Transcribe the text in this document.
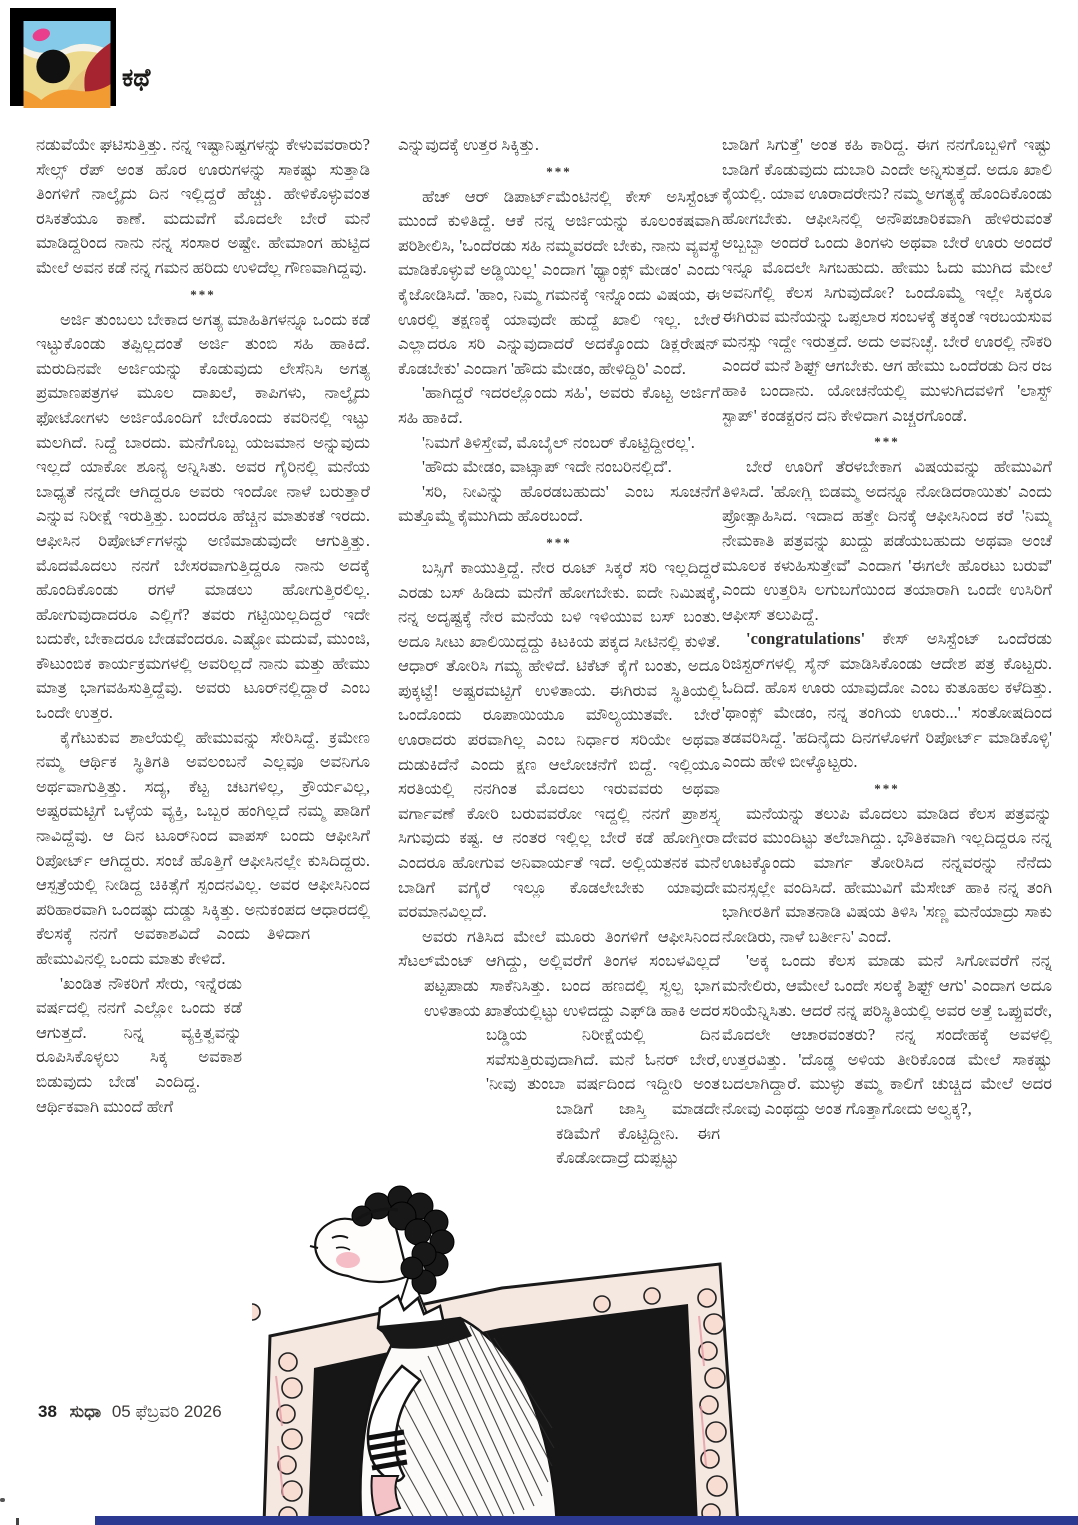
ಕಥೆ

ನಡುವೆಯೇ ಘಟಿಸುತ್ತಿತ್ತು. ನನ್ನ ಇಷ್ಟಾನಿಷ್ಟಗಳನ್ನು ಕೇಳುವವರಾರು? ಸೇಲ್ಸ್ ರೆಪ್ ಅಂತ ಹೊರ ಊರುಗಳನ್ನು ಸಾಕಷ್ಟು ಸುತ್ತಾಡಿ ತಿಂಗಳಿಗೆ ನಾಲ್ಕೈದು ದಿನ ಇಲ್ಲಿದ್ದರೆ ಹೆಚ್ಚು. ಹೇಳಿಕೊಳ್ಳುವಂತ ರಸಿಕತೆಯೂ ಕಾಣೆ. ಮದುವೆಗೆ ಮೊದಲೇ ಬೇರೆ ಮನೆ ಮಾಡಿದ್ದರಿಂದ ನಾನು ನನ್ನ ಸಂಸಾರ ಅಷ್ಟೇ. ಹೇಮಾಂಗ ಹುಟ್ಟಿದ ಮೇಲೆ ಅವನ ಕಡೆ ನನ್ನ ಗಮನ ಹರಿದು ಉಳಿದೆಲ್ಲ ಗೌಣವಾಗಿದ್ದವು.

***

ಅರ್ಜಿ ತುಂಬಲು ಬೇಕಾದ ಅಗತ್ಯ ಮಾಹಿತಿಗಳನ್ನೂ ಒಂದು ಕಡೆ ಇಟ್ಟುಕೊಂಡು ತಪ್ಪಿಲ್ಲದಂತೆ ಅರ್ಜಿ ತುಂಬಿ ಸಹಿ ಹಾಕಿದೆ. ಮರುದಿನವೇ ಅರ್ಜಿಯನ್ನು ಕೊಡುವುದು ಲೇಸೆನಿಸಿ ಅಗತ್ಯ ಪ್ರಮಾಣಪತ್ರಗಳ ಮೂಲ ದಾಖಲೆ, ಕಾಪಿಗಳು, ನಾಲ್ಕೈದು ಫೋಟೋಗಳು ಅರ್ಜಿಯೊಂದಿಗೆ ಬೇರೊಂದು ಕವರಿನಲ್ಲಿ ಇಟ್ಟು ಮಲಗಿದೆ. ನಿದ್ದೆ ಬಾರದು. ಮನೆಗೊಬ್ಬ ಯಜಮಾನ ಅನ್ನುವುದು ಇಲ್ಲದೆ ಯಾಕೋ ಶೂನ್ಯ ಅನ್ನಿಸಿತು. ಅವರ ಗೈರಿನಲ್ಲಿ ಮನೆಯ ಬಾಧ್ಯತೆ ನನ್ನದೇ ಆಗಿದ್ದರೂ ಅವರು ಇಂದೋ ನಾಳೆ ಬರುತ್ತಾರೆ ಎನ್ನುವ ನಿರೀಕ್ಷೆ ಇರುತ್ತಿತ್ತು. ಬಂದರೂ ಹೆಚ್ಚಿನ ಮಾತುಕತೆ ಇರದು. ಆಫೀಸಿನ ರಿಪೋರ್ಟ್‌ಗಳನ್ನು ಅಣಿಮಾಡುವುದೇ ಆಗುತ್ತಿತ್ತು. ಮೊದಮೊದಲು ನನಗೆ ಬೇಸರವಾಗುತ್ತಿದ್ದರೂ ನಾನು ಅದಕ್ಕೆ ಹೊಂದಿಕೊಂಡು ರಗಳೆ ಮಾಡಲು ಹೋಗುತ್ತಿರಲಿಲ್ಲ. ಹೋಗುವುದಾದರೂ ಎಲ್ಲಿಗೆ? ತವರು ಗಟ್ಟಿಯಿಲ್ಲದಿದ್ದರೆ ಇದೇ ಬದುಕೇ, ಬೇಕಾದರೂ ಬೇಡವೆಂದರೂ. ಎಷ್ಟೋ ಮದುವೆ, ಮುಂಜಿ, ಕೌಟುಂಬಿಕ ಕಾರ್ಯಕ್ರಮಗಳಲ್ಲಿ ಅವರಿಲ್ಲದೆ ನಾನು ಮತ್ತು ಹೇಮು ಮಾತ್ರ ಭಾಗವಹಿಸುತ್ತಿದ್ದೆವು. ಅವರು ಟೂರ್‌ನಲ್ಲಿದ್ದಾರೆ ಎಂಬ ಒಂದೇ ಉತ್ತರ.

ಕೈಗೆಟುಕುವ ಶಾಲೆಯಲ್ಲಿ ಹೇಮುವನ್ನು ಸೇರಿಸಿದ್ದೆ. ಕ್ರಮೇಣ ನಮ್ಮ ಆರ್ಥಿಕ ಸ್ಥಿತಿಗತಿ ಅವಲಂಬನೆ ಎಲ್ಲವೂ ಅವನಿಗೂ ಅರ್ಥವಾಗುತ್ತಿತ್ತು. ಸದ್ಯ, ಕೆಟ್ಟ ಚಟಗಳಿಲ್ಲ, ಕ್ರೌರ್ಯವಿಲ್ಲ, ಅಷ್ಟರಮಟ್ಟಿಗೆ ಒಳ್ಳೆಯ ವ್ಯಕ್ತಿ, ಒಬ್ಬರ ಹಂಗಿಲ್ಲದೆ ನಮ್ಮ ಪಾಡಿಗೆ ನಾವಿದ್ದೆವು. ಆ ದಿನ ಟೂರ್‌ನಿಂದ ವಾಪಸ್ ಬಂದು ಆಫೀಸಿಗೆ ರಿಪೋರ್ಟ್ ಆಗಿದ್ದರು. ಸಂಜೆ ಹೊತ್ತಿಗೆ ಆಫೀಸಿನಲ್ಲೇ ಕುಸಿದಿದ್ದರು. ಆಸ್ಪತ್ರೆಯಲ್ಲಿ ನೀಡಿದ್ದ ಚಿಕಿತ್ಸೆಗೆ ಸ್ಪಂದನವಿಲ್ಲ. ಅವರ ಆಫೀಸಿನಿಂದ ಪರಿಹಾರವಾಗಿ ಒಂದಷ್ಟು ದುಡ್ಡು ಸಿಕ್ಕಿತ್ತು. ಅನುಕಂಪದ ಆಧಾರದಲ್ಲಿ ಕೆಲಸಕ್ಕೆ ನನಗೆ ಅವಕಾಶವಿದೆ ಎಂದು ತಿಳಿದಾಗ ಹೇಮುವಿನಲ್ಲಿ ಒಂದು ಮಾತು ಕೇಳಿದೆ.

'ಖಂಡಿತ ನೌಕರಿಗೆ ಸೇರು, ಇನ್ನೆರಡು ವರ್ಷದಲ್ಲಿ ನನಗೆ ಎಲ್ಲೋ ಒಂದು ಕಡೆ ಆಗುತ್ತದೆ. ನಿನ್ನ ವ್ಯಕ್ತಿತ್ವವನ್ನು ರೂಪಿಸಿಕೊಳ್ಳಲು ಸಿಕ್ಕ ಅವಕಾಶ ಬಿಡುವುದು ಬೇಡ' ಎಂದಿದ್ದ. ಆರ್ಥಿಕವಾಗಿ ಮುಂದೆ ಹೇಗೆ

ಎನ್ನುವುದಕ್ಕೆ ಉತ್ತರ ಸಿಕ್ಕಿತ್ತು.

***

ಹೆಚ್ ಆರ್ ಡಿಪಾರ್ಟ್‌ಮೆಂಟಿನಲ್ಲಿ ಕೇಸ್ ಅಸಿಸ್ಟೆಂಟ್ ಮುಂದೆ ಕುಳಿತಿದ್ದೆ. ಆಕೆ ನನ್ನ ಅರ್ಜಿಯನ್ನು ಕೂಲಂಕಷವಾಗಿ ಪರಿಶೀಲಿಸಿ, 'ಒಂದೆರಡು ಸಹಿ ನಮ್ಮವರದೇ ಬೇಕು, ನಾನು ವ್ಯವಸ್ಥೆ ಮಾಡಿಕೊಳ್ಳುವೆ ಅಡ್ಡಿಯಿಲ್ಲ' ಎಂದಾಗ 'ಥ್ಯಾಂಕ್ಸ್ ಮೇಡಂ' ಎಂದು ಕೈಜೋಡಿಸಿದೆ. 'ಹಾಂ, ನಿಮ್ಮ ಗಮನಕ್ಕೆ ಇನ್ನೊಂದು ವಿಷಯ, ಈ ಊರಲ್ಲಿ ತಕ್ಷಣಕ್ಕೆ ಯಾವುದೇ ಹುದ್ದೆ ಖಾಲಿ ಇಲ್ಲ. ಬೇರೆ ಎಲ್ಲಾದರೂ ಸರಿ ಎನ್ನುವುದಾದರೆ ಅದಕ್ಕೊಂದು ಡಿಕ್ಲರೇಷನ್ ಕೊಡಬೇಕು' ಎಂದಾಗ 'ಹೌದು ಮೇಡಂ, ಹೇಳಿದ್ದಿರಿ' ಎಂದೆ.

'ಹಾಗಿದ್ದರೆ ಇದರಲ್ಲೊಂದು ಸಹಿ', ಅವರು ಕೊಟ್ಟ ಅರ್ಜಿಗೆ ಸಹಿ ಹಾಕಿದೆ.

'ನಿಮಗೆ ತಿಳಿಸ್ತೇವೆ, ಮೊಬೈಲ್ ನಂಬರ್ ಕೊಟ್ಟಿದ್ದೀರಲ್ಲ'.

'ಹೌದು ಮೇಡಂ, ವಾಟ್ಸಾಪ್ ಇದೇ ನಂಬರಿನಲ್ಲಿದೆ'.

'ಸರಿ, ನೀವಿನ್ನು ಹೊರಡಬಹುದು' ಎಂಬ ಸೂಚನೆಗೆ ಮತ್ತೊಮ್ಮೆ ಕೈಮುಗಿದು ಹೊರಬಂದೆ.

***

ಬಸ್ಸಿಗೆ ಕಾಯುತ್ತಿದ್ದೆ. ನೇರ ರೂಟ್ ಸಿಕ್ಕರೆ ಸರಿ ಇಲ್ಲದಿದ್ದರೆ ಎರಡು ಬಸ್ ಹಿಡಿದು ಮನೆಗೆ ಹೋಗಬೇಕು. ಐದೇ ನಿಮಿಷಕ್ಕೆ, ನನ್ನ ಅದೃಷ್ಟಕ್ಕೆ ನೇರ ಮನೆಯ ಬಳಿ ಇಳಿಯುವ ಬಸ್ ಬಂತು. ಅದೂ ಸೀಟು ಖಾಲಿಯಿದ್ದದ್ದು ಕಿಟಕಿಯ ಪಕ್ಕದ ಸೀಟಿನಲ್ಲಿ ಕುಳಿತೆ. ಆಧಾರ್ ತೋರಿಸಿ ಗಮ್ಯ ಹೇಳಿದೆ. ಟಿಕೆಟ್ ಕೈಗೆ ಬಂತು, ಅದೂ ಪುಕ್ಕಟ್ಟೆ! ಅಷ್ಟರಮಟ್ಟಿಗೆ ಉಳಿತಾಯ. ಈಗಿರುವ ಸ್ಥಿತಿಯಲ್ಲಿ ಒಂದೊಂದು ರೂಪಾಯಿಯೂ ಮೌಲ್ಯಯುತವೇ. ಬೇರೆ ಊರಾದರು ಪರವಾಗಿಲ್ಲ ಎಂಬ ನಿರ್ಧಾರ ಸರಿಯೇ ಅಥವಾ ದುಡುಕಿದೆನೆ ಎಂದು ಕ್ಷಣ ಆಲೋಚನೆಗೆ ಬಿದ್ದೆ. ಇಲ್ಲಿಯೂ ಸರತಿಯಲ್ಲಿ ನನಗಿಂತ ಮೊದಲು ಇರುವವರು ಅಥವಾ ವರ್ಗಾವಣೆ ಕೋರಿ ಬರುವವರೋ ಇದ್ದಲ್ಲಿ ನನಗೆ ಪ್ರಾಶಸ್ತ್ಯ ಸಿಗುವುದು ಕಷ್ಟ. ಆ ನಂತರ ಇಲ್ಲಿಲ್ಲ ಬೇರೆ ಕಡೆ ಹೋಗ್ತೀರಾ ಎಂದರೂ ಹೋಗುವ ಅನಿವಾರ್ಯತೆ ಇದೆ. ಅಲ್ಲಿಯತನಕ ಮನೆ ಬಾಡಿಗೆ ವಗೈರೆ ಇಲ್ಲೂ ಕೊಡಲೇಬೇಕು ಯಾವುದೇ ವರಮಾನವಿಲ್ಲದೆ.

ಅವರು ಗತಿಸಿದ ಮೇಲೆ ಮೂರು ತಿಂಗಳಿಗೆ ಆಫೀಸಿನಿಂದ ಸೆಟಲ್‌ಮೆಂಟ್ ಆಗಿದ್ದು, ಅಲ್ಲಿವರೆಗೆ ತಿಂಗಳ ಸಂಬಳವಿಲ್ಲದೆ ಪಟ್ಟಪಾಡು ಸಾಕೆನಿಸಿತ್ತು. ಬಂದ ಹಣದಲ್ಲಿ ಸ್ವಲ್ಪ ಭಾಗ ಉಳಿತಾಯ ಖಾತೆಯಲ್ಲಿಟ್ಟು ಉಳಿದದ್ದು ಎಫ್‌ಡಿ ಹಾಕಿ ಅದರ ಬಡ್ಡಿಯ ನಿರೀಕ್ಷೆಯಲ್ಲಿ ದಿನ ಸವೆಸುತ್ತಿರುವುದಾಗಿದೆ. ಮನೆ ಓನರ್ ಬೇರೆ, 'ನೀವು ತುಂಬಾ ವರ್ಷದಿಂದ ಇದ್ದೀರಿ ಅಂತ ಬಾಡಿಗೆ ಜಾಸ್ತಿ ಮಾಡದೇ ಕಡಿಮೆಗೆ ಕೊಟ್ಟಿದ್ದೀನಿ. ಈಗ ಕೊಡೋದಾದ್ರೆ ದುಪ್ಪಟ್ಟು

ಬಾಡಿಗೆ ಸಿಗುತ್ತೆ' ಅಂತ ಕಹಿ ಕಾರಿದ್ದ. ಈಗ ನನಗೊಬ್ಬಳಿಗೆ ಇಷ್ಟು ಬಾಡಿಗೆ ಕೊಡುವುದು ದುಬಾರಿ ಎಂದೇ ಅನ್ನಿಸುತ್ತದೆ. ಅದೂ ಖಾಲಿ ಕೈಯಲ್ಲಿ. ಯಾವ ಊರಾದರೇನು? ನಮ್ಮ ಅಗತ್ಯಕ್ಕೆ ಹೊಂದಿಕೊಂಡು ಹೋಗಬೇಕು. ಆಫೀಸಿನಲ್ಲಿ ಅನೌಪಚಾರಿಕವಾಗಿ ಹೇಳಿರುವಂತೆ ಅಬ್ಬಬ್ಬಾ ಅಂದರೆ ಒಂದು ತಿಂಗಳು ಅಥವಾ ಬೇರೆ ಊರು ಅಂದರೆ ಇನ್ನೂ ಮೊದಲೇ ಸಿಗಬಹುದು. ಹೇಮು ಓದು ಮುಗಿದ ಮೇಲೆ ಅವನಿಗೆಲ್ಲಿ ಕೆಲಸ ಸಿಗುವುದೋ? ಒಂದೊಮ್ಮೆ ಇಲ್ಲೇ ಸಿಕ್ಕರೂ ಈಗಿರುವ ಮನೆಯನ್ನು ಒಪ್ಪಲಾರ ಸಂಬಳಕ್ಕೆ ತಕ್ಕಂತೆ ಇರಬಯಸುವ ಮನಸ್ಸು ಇದ್ದೇ ಇರುತ್ತದೆ. ಅದು ಅವನಿಚ್ಛೆ. ಬೇರೆ ಊರಲ್ಲಿ ನೌಕರಿ ಎಂದರೆ ಮನೆ ಶಿಫ್ಟ್ ಆಗಬೇಕು. ಆಗ ಹೇಮು ಒಂದೆರಡು ದಿನ ರಜ ಹಾಕಿ ಬಂದಾನು. ಯೋಚನೆಯಲ್ಲಿ ಮುಳುಗಿದವಳಿಗೆ 'ಲಾಸ್ಟ್ ಸ್ಟಾಪ್' ಕಂಡಕ್ಟರನ ದನಿ ಕೇಳಿದಾಗ ಎಚ್ಚರಗೊಂಡೆ.

***

ಬೇರೆ ಊರಿಗೆ ತೆರಳಬೇಕಾಗ ವಿಷಯವನ್ನು ಹೇಮುವಿಗೆ ತಿಳಿಸಿದೆ. 'ಹೋಗ್ಲಿ ಬಿಡಮ್ಮ ಅದನ್ನೂ ನೋಡಿದರಾಯಿತು' ಎಂದು ಪ್ರೋತ್ಸಾಹಿಸಿದ. ಇದಾದ ಹತ್ತೇ ದಿನಕ್ಕೆ ಆಫೀಸಿನಿಂದ ಕರೆ 'ನಿಮ್ಮ ನೇಮಕಾತಿ ಪತ್ರವನ್ನು ಖುದ್ದು ಪಡೆಯಬಹುದು ಅಥವಾ ಅಂಚೆ ಮೂಲಕ ಕಳುಹಿಸುತ್ತೇವೆ' ಎಂದಾಗ 'ಈಗಲೇ ಹೊರಟು ಬರುವೆ' ಎಂದು ಉತ್ತರಿಸಿ ಲಗುಬಗೆಯಿಂದ ತಯಾರಾಗಿ ಒಂದೇ ಉಸಿರಿಗೆ ಆಫೀಸ್ ತಲುಪಿದ್ದೆ.

'congratulations' ಕೇಸ್ ಅಸಿಸ್ಟೆಂಟ್ ಒಂದೆರಡು ರಿಜಿಸ್ಟರ್‌ಗಳಲ್ಲಿ ಸೈನ್ ಮಾಡಿಸಿಕೊಂಡು ಆದೇಶ ಪತ್ರ ಕೊಟ್ಟರು. ಓದಿದೆ. ಹೊಸ ಊರು ಯಾವುದೋ ಎಂಬ ಕುತೂಹಲ ಕಳೆದಿತ್ತು. 'ಥಾಂಕ್ಸ್ ಮೇಡಂ, ನನ್ನ ತಂಗಿಯ ಊರು...' ಸಂತೋಷದಿಂದ ತಡವರಿಸಿದ್ದೆ. 'ಹದಿನೈದು ದಿನಗಳೊಳಗೆ ರಿಪೋರ್ಟ್ ಮಾಡಿಕೊಳ್ಳಿ' ಎಂದು ಹೇಳಿ ಬೀಳ್ಕೊಟ್ಟರು.

***

ಮನೆಯನ್ನು ತಲುಪಿ ಮೊದಲು ಮಾಡಿದ ಕೆಲಸ ಪತ್ರವನ್ನು ದೇವರ ಮುಂದಿಟ್ಟು ತಲೆಬಾಗಿದ್ದು. ಭೌತಿಕವಾಗಿ ಇಲ್ಲದಿದ್ದರೂ ನನ್ನ ಊಟಕ್ಕೊಂದು ಮಾರ್ಗ ತೋರಿಸಿದ ನನ್ನವರನ್ನು ನೆನೆದು ಮನಸ್ಸಲ್ಲೇ ವಂದಿಸಿದೆ. ಹೇಮುವಿಗೆ ಮೆಸೇಜ್ ಹಾಕಿ ನನ್ನ ತಂಗಿ ಭಾಗೀರತಿಗೆ ಮಾತನಾಡಿ ವಿಷಯ ತಿಳಿಸಿ 'ಸಣ್ಣ ಮನೆಯಾದ್ರು ಸಾಕು ನೋಡಿರು, ನಾಳೆ ಬರ್ತೀನಿ' ಎಂದೆ.

'ಅಕ್ಕ ಒಂದು ಕೆಲಸ ಮಾಡು ಮನೆ ಸಿಗೋವರೆಗೆ ನನ್ನ ಮನೇಲಿರು, ಆಮೇಲೆ ಒಂದೇ ಸಲಕ್ಕೆ ಶಿಫ್ಟ್ ಆಗು' ಎಂದಾಗ ಅದೂ ಸರಿಯೆನ್ನಿಸಿತು. ಆದರೆ ನನ್ನ ಪರಿಸ್ಥಿತಿಯಲ್ಲಿ ಅವರ ಅತ್ತೆ ಒಪ್ಪುವರೇ, ಮೊದಲೇ ಆಚಾರವಂತರು? ನನ್ನ ಸಂದೇಹಕ್ಕೆ ಅವಳಲ್ಲಿ ಉತ್ತರವಿತ್ತು. 'ದೊಡ್ಡ ಅಳಿಯ ತೀರಿಕೊಂಡ ಮೇಲೆ ಸಾಕಷ್ಟು ಬದಲಾಗಿದ್ದಾರೆ. ಮುಳ್ಳು ತಮ್ಮ ಕಾಲಿಗೆ ಚುಚ್ಚಿದ ಮೇಲೆ ಅದರ ನೋವು ಎಂಥದ್ದು ಅಂತ ಗೊತ್ತಾಗೋದು ಅಲ್ವಕ್ಕ?,

38 ಸುಧಾ 05 ಫೆಬ್ರವರಿ 2026
